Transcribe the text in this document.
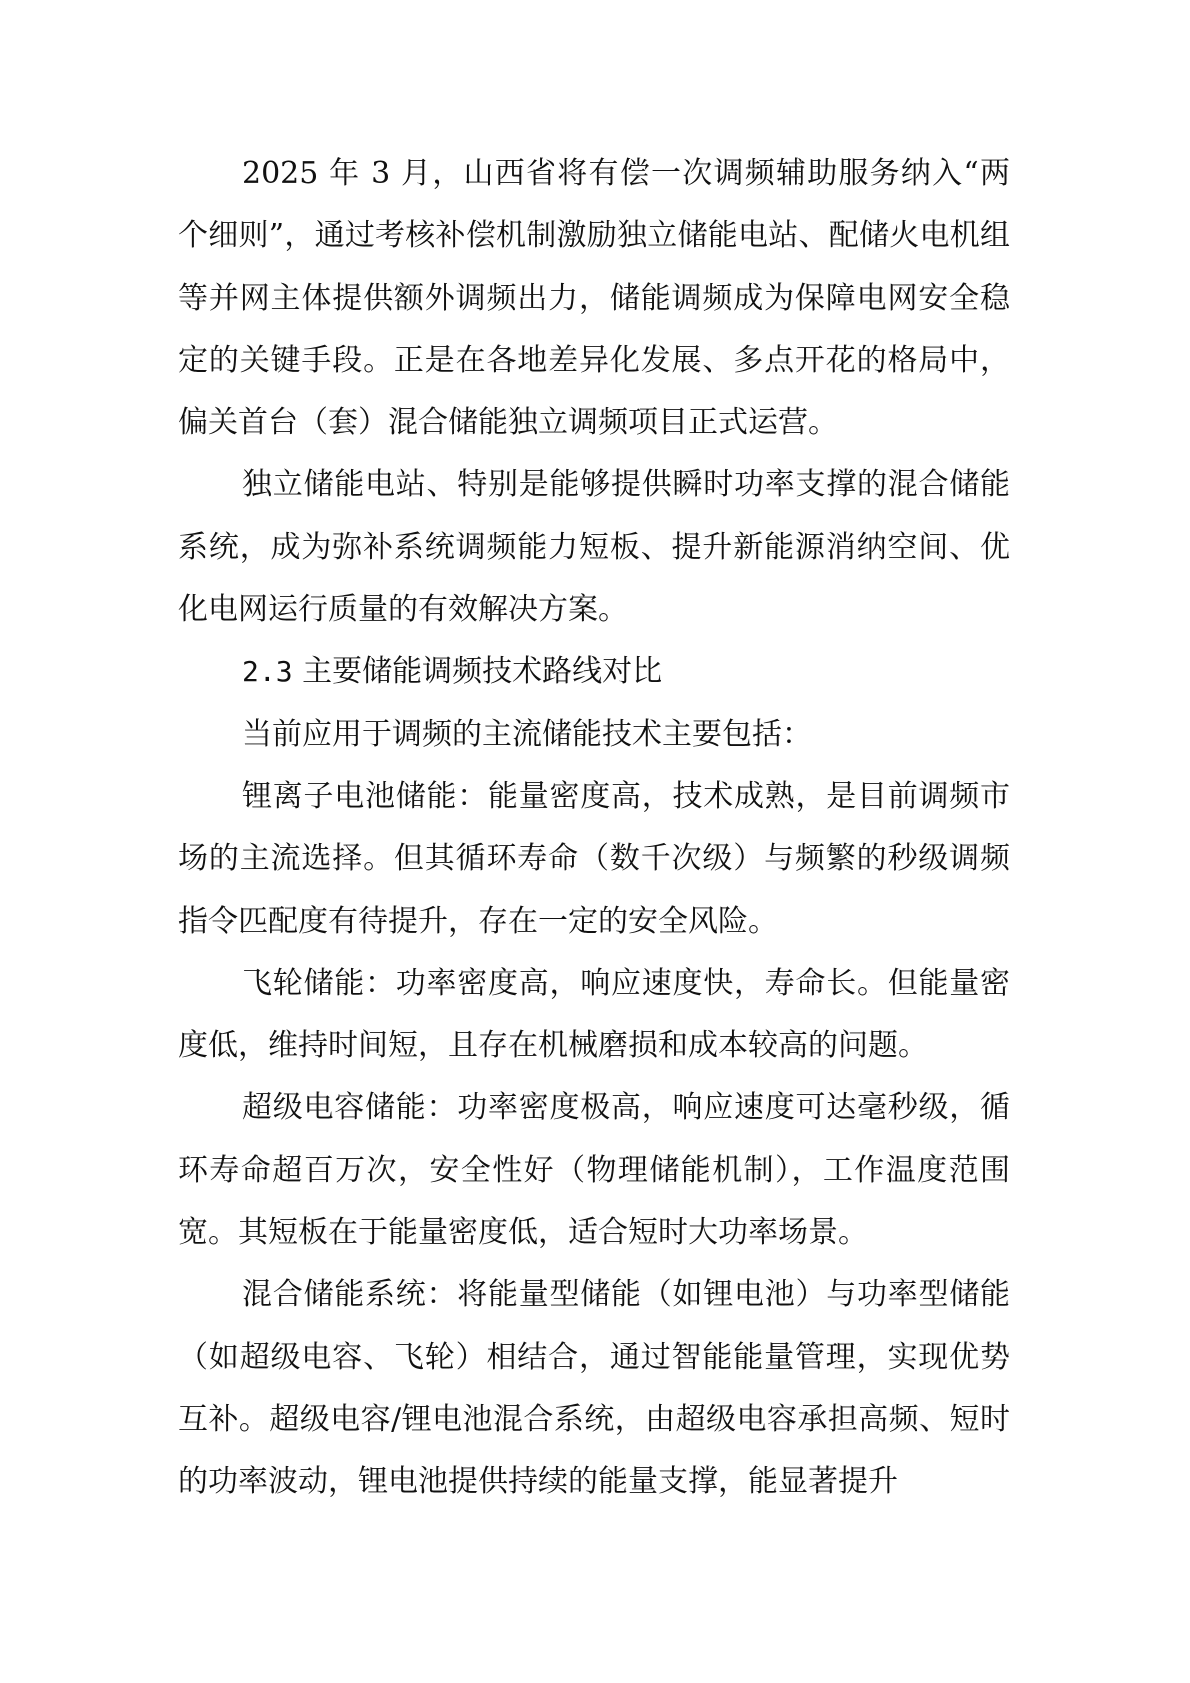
2025 年 3 月，山西省将有偿一次调频辅助服务纳入“两个细则”，通过考核补偿机制激励独立储能电站、配储火电机组等并网主体提供额外调频出力，储能调频成为保障电网安全稳定的关键手段。正是在各地差异化发展、多点开花的格局中，偏关首台（套）混合储能独立调频项目正式运营。

独立储能电站、特别是能够提供瞬时功率支撑的混合储能系统，成为弥补系统调频能力短板、提升新能源消纳空间、优化电网运行质量的有效解决方案。

2.3 主要储能调频技术路线对比

当前应用于调频的主流储能技术主要包括：

锂离子电池储能：能量密度高，技术成熟，是目前调频市场的主流选择。但其循环寿命（数千次级）与频繁的秒级调频指令匹配度有待提升，存在一定的安全风险。

飞轮储能：功率密度高，响应速度快，寿命长。但能量密度低，维持时间短，且存在机械磨损和成本较高的问题。

超级电容储能：功率密度极高，响应速度可达毫秒级，循环寿命超百万次，安全性好（物理储能机制），工作温度范围宽。其短板在于能量密度低，适合短时大功率场景。

混合储能系统：将能量型储能（如锂电池）与功率型储能（如超级电容、飞轮）相结合，通过智能能量管理，实现优势互补。超级电容/锂电池混合系统，由超级电容承担高频、短时的功率波动，锂电池提供持续的能量支撑，能显著提升
